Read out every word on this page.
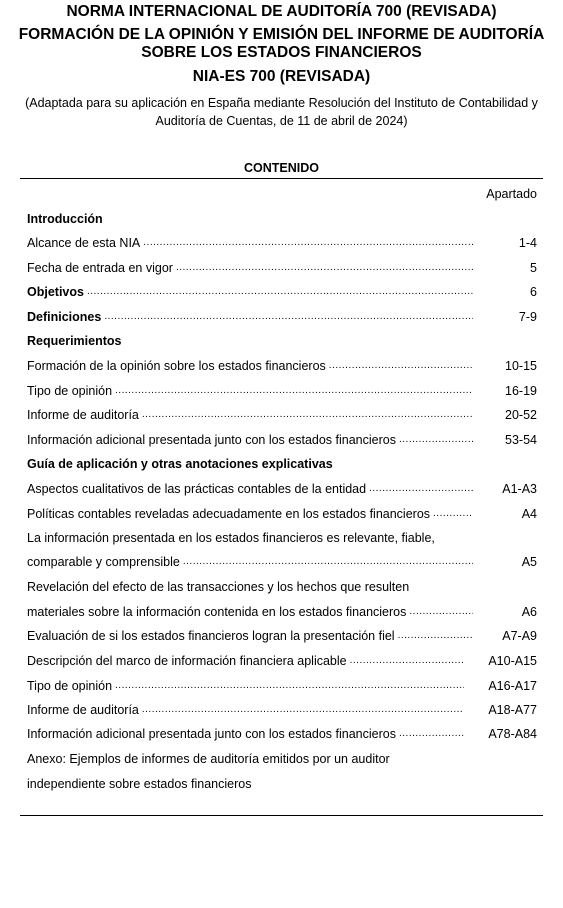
NORMA INTERNACIONAL DE AUDITORÍA 700 (REVISADA)
FORMACIÓN DE LA OPINIÓN Y EMISIÓN DEL INFORME DE AUDITORÍA
SOBRE LOS ESTADOS FINANCIEROS
NIA-ES 700 (REVISADA)
(Adaptada para su aplicación en España mediante Resolución del Instituto de Contabilidad y
Auditoría de Cuentas, de 11 de abril de 2024)
CONTENIDO
Apartado
Introducción
Alcance de esta NIA .....	1-4
Fecha de entrada en vigor .....	5
Objetivos .....	6
Definiciones .....	7-9
Requerimientos
Formación de la opinión sobre los estados financieros .....	10-15
Tipo de opinión .....	16-19
Informe de auditoría .....	20-52
Información adicional presentada junto con los estados financieros .....	53-54
Guía de aplicación y otras anotaciones explicativas
Aspectos cualitativos de las prácticas contables de la entidad .....	A1-A3
Políticas contables reveladas adecuadamente en los estados financieros .....	A4
La información presentada en los estados financieros es relevante, fiable,
comparable y comprensible .....	A5
Revelación del efecto de las transacciones y los hechos que resulten
materiales sobre la información contenida en los estados financieros .....	A6
Evaluación de si los estados financieros logran la presentación fiel .....	A7-A9
Descripción del marco de información financiera aplicable .....	A10-A15
Tipo de opinión .....	A16-A17
Informe de auditoría .....	A18-A77
Información adicional presentada junto con los estados financieros .....	A78-A84
Anexo: Ejemplos de informes de auditoría emitidos por un auditor
independiente sobre estados financieros
